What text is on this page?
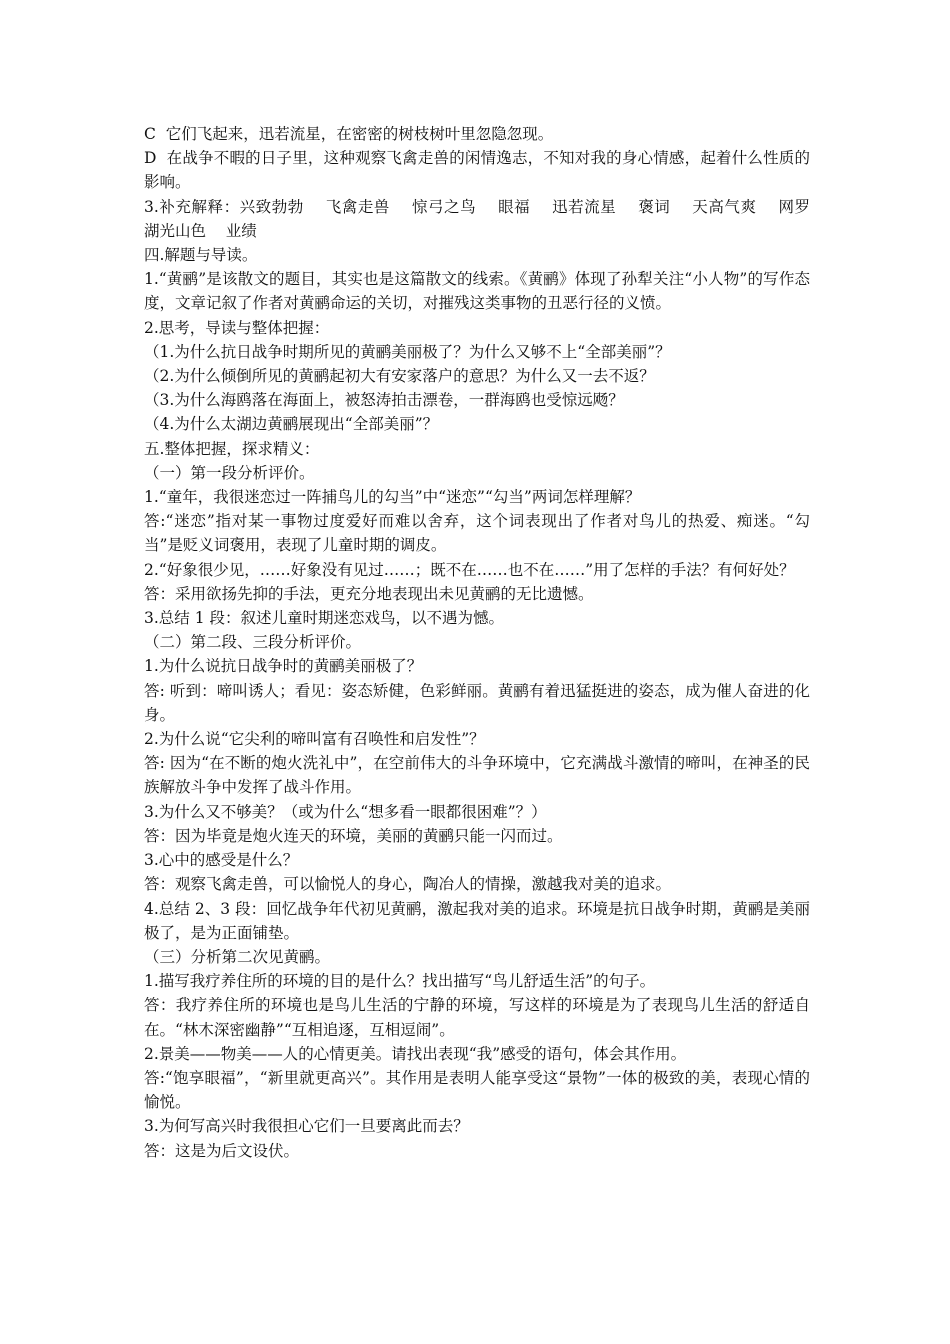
C  它们飞起来，迅若流星，在密密的树枝树叶里忽隐忽现。

D  在战争不暇的日子里，这种观察飞禽走兽的闲情逸志，不知对我的身心情感，起着什么性质的影响。

3.补充解释：兴致勃勃    飞禽走兽    惊弓之鸟    眼福    迅若流星    褒词    天高气爽    网罗    湖光山色    业绩

四.解题与导读。

1.“黄鹂”是该散文的题目，其实也是这篇散文的线索。《黄鹂》体现了孙犁关注“小人物”的写作态度，文章记叙了作者对黄鹂命运的关切，对摧残这类事物的丑恶行径的义愤。

2.思考，导读与整体把握：

（1.为什么抗日战争时期所见的黄鹂美丽极了？为什么又够不上“全部美丽”？

（2.为什么倾倒所见的黄鹂起初大有安家落户的意思？为什么又一去不返？

（3.为什么海鸥落在海面上，被怒涛拍击漂卷，一群海鸥也受惊远飏？

（4.为什么太湖边黄鹂展现出“全部美丽”？

五.整体把握，探求精义：

（一）第一段分析评价。

1.“童年，我很迷恋过一阵捕鸟儿的勾当”中“迷恋”“勾当”两词怎样理解？

答:“迷恋”指对某一事物过度爱好而难以舍弃，这个词表现出了作者对鸟儿的热爱、痴迷。“勾当”是贬义词褒用，表现了儿童时期的调皮。

2.“好象很少见，……好象没有见过……；既不在……也不在……”用了怎样的手法？有何好处？

答：采用欲扬先抑的手法，更充分地表现出未见黄鹂的无比遗憾。

3.总结 1 段：叙述儿童时期迷恋戏鸟，以不遇为憾。

（二）第二段、三段分析评价。

1.为什么说抗日战争时的黄鹂美丽极了？

答: 听到：啼叫诱人；看见：姿态矫健，色彩鲜丽。黄鹂有着迅猛挺进的姿态，成为催人奋进的化身。

2.为什么说“它尖利的啼叫富有召唤性和启发性”？

答: 因为“在不断的炮火洗礼中”，在空前伟大的斗争环境中，它充满战斗激情的啼叫，在神圣的民族解放斗争中发挥了战斗作用。

3.为什么又不够美？（或为什么“想多看一眼都很困难”？）

答：因为毕竟是炮火连天的环境，美丽的黄鹂只能一闪而过。

3.心中的感受是什么？

答：观察飞禽走兽，可以愉悦人的身心，陶冶人的情操，激越我对美的追求。

4.总结 2、3 段：回忆战争年代初见黄鹂，激起我对美的追求。环境是抗日战争时期，黄鹂是美丽极了，是为正面铺垫。

（三）分析第二次见黄鹂。

1.描写我疗养住所的环境的目的是什么？找出描写“鸟儿舒适生活”的句子。

答：我疗养住所的环境也是鸟儿生活的宁静的环境，写这样的环境是为了表现鸟儿生活的舒适自在。“林木深密幽静”“互相追逐，互相逗闹”。

2.景美——物美——人的心情更美。请找出表现“我”感受的语句，体会其作用。

答:“饱享眼福”，“新里就更高兴”。其作用是表明人能享受这“景物”一体的极致的美，表现心情的愉悦。

3.为何写高兴时我很担心它们一旦要离此而去？

答：这是为后文设伏。
